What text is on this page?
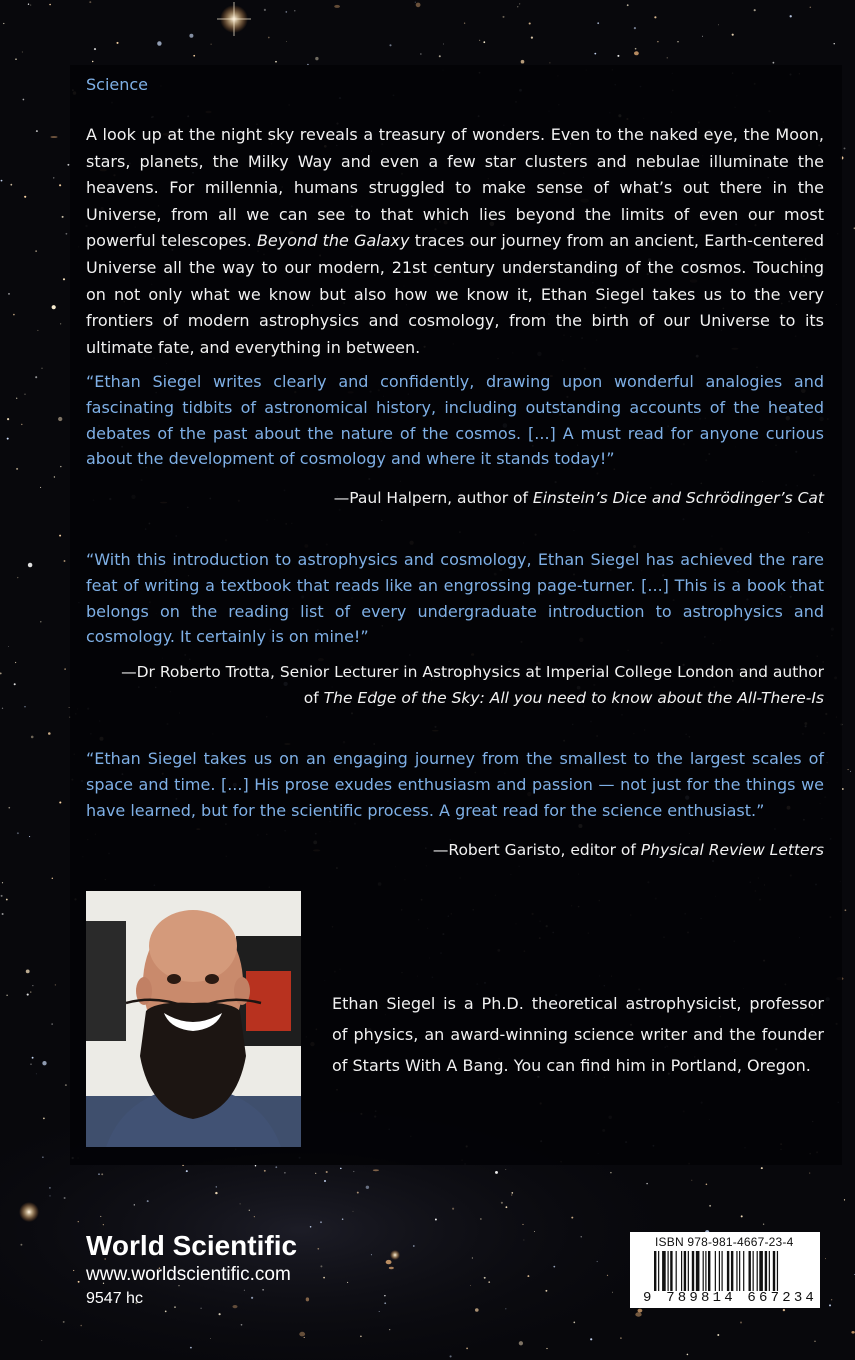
Science

A look up at the night sky reveals a treasury of wonders. Even to the naked eye, the Moon, stars, planets, the Milky Way and even a few star clusters and nebulae illuminate the heavens. For millennia, humans struggled to make sense of what’s out there in the Universe, from all we can see to that which lies beyond the limits of even our most powerful telescopes. Beyond the Galaxy traces our journey from an ancient, Earth-centered Universe all the way to our modern, 21st century understanding of the cosmos. Touching on not only what we know but also how we know it, Ethan Siegel takes us to the very frontiers of modern astrophysics and cosmology, from the birth of our Universe to its ultimate fate, and everything in between.

“Ethan Siegel writes clearly and confidently, drawing upon wonderful analogies and fascinating tidbits of astronomical history, including outstanding accounts of the heated debates of the past about the nature of the cosmos. [...] A must read for anyone curious about the development of cosmology and where it stands today!”

—Paul Halpern, author of Einstein’s Dice and Schrödinger’s Cat

“With this introduction to astrophysics and cosmology, Ethan Siegel has achieved the rare feat of writing a textbook that reads like an engrossing page-turner. [...] This is a book that belongs on the reading list of every undergraduate introduction to astrophysics and cosmology. It certainly is on mine!”

—Dr Roberto Trotta, Senior Lecturer in Astrophysics at Imperial College London and author of The Edge of the Sky: All you need to know about the All-There-Is

“Ethan Siegel takes us on an engaging journey from the smallest to the largest scales of space and time. [...] His prose exudes enthusiasm and passion — not just for the things we have learned, but for the scientific process. A great read for the science enthusiast.”

—Robert Garisto, editor of Physical Review Letters

Ethan Siegel is a Ph.D. theoretical astrophysicist, professor of physics, an award-winning science writer and the founder of Starts With A Bang. You can find him in Portland, Oregon.

World Scientific
www.worldscientific.com
9547 hc
ISBN 978-981-4667-23-4
9 789814 667234
